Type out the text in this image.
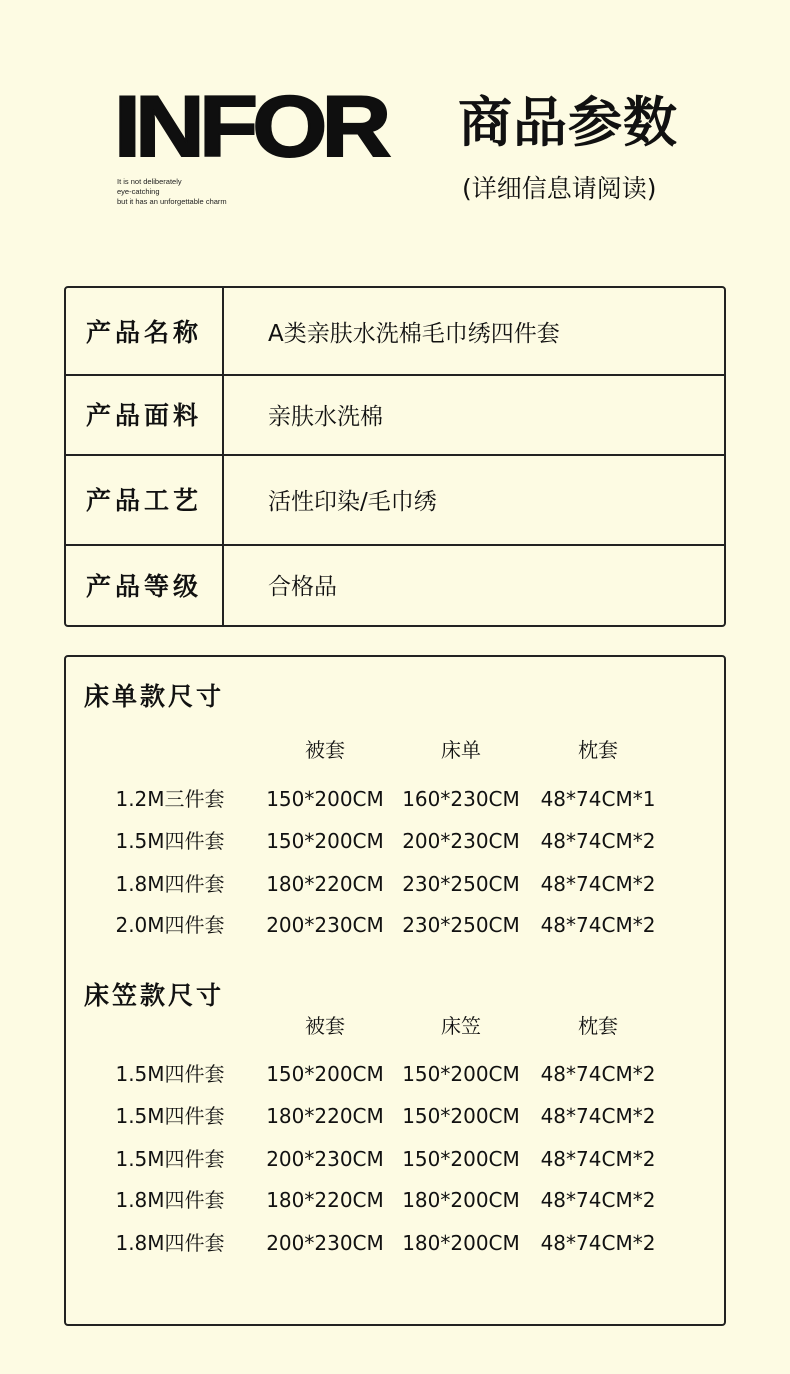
INFOR
It is not deliberately
eye-catching
but it has an unforgettable charm
商品参数
(详细信息请阅读)
产品名称	A类亲肤水洗棉毛巾绣四件套
产品面料	亲肤水洗棉
产品工艺	活性印染/毛巾绣
产品等级	合格品
床单款尺寸
被套	床单	枕套
1.2M三件套 150*200CM 160*230CM 48*74CM*1
1.5M四件套 150*200CM 200*230CM 48*74CM*2
1.8M四件套 180*220CM 230*250CM 48*74CM*2
2.0M四件套 200*230CM 230*250CM 48*74CM*2
床笠款尺寸
被套	床笠	枕套
1.5M四件套 150*200CM 150*200CM 48*74CM*2
1.5M四件套 180*220CM 150*200CM 48*74CM*2
1.5M四件套 200*230CM 150*200CM 48*74CM*2
1.8M四件套 180*220CM 180*200CM 48*74CM*2
1.8M四件套 200*230CM 180*200CM 48*74CM*2
